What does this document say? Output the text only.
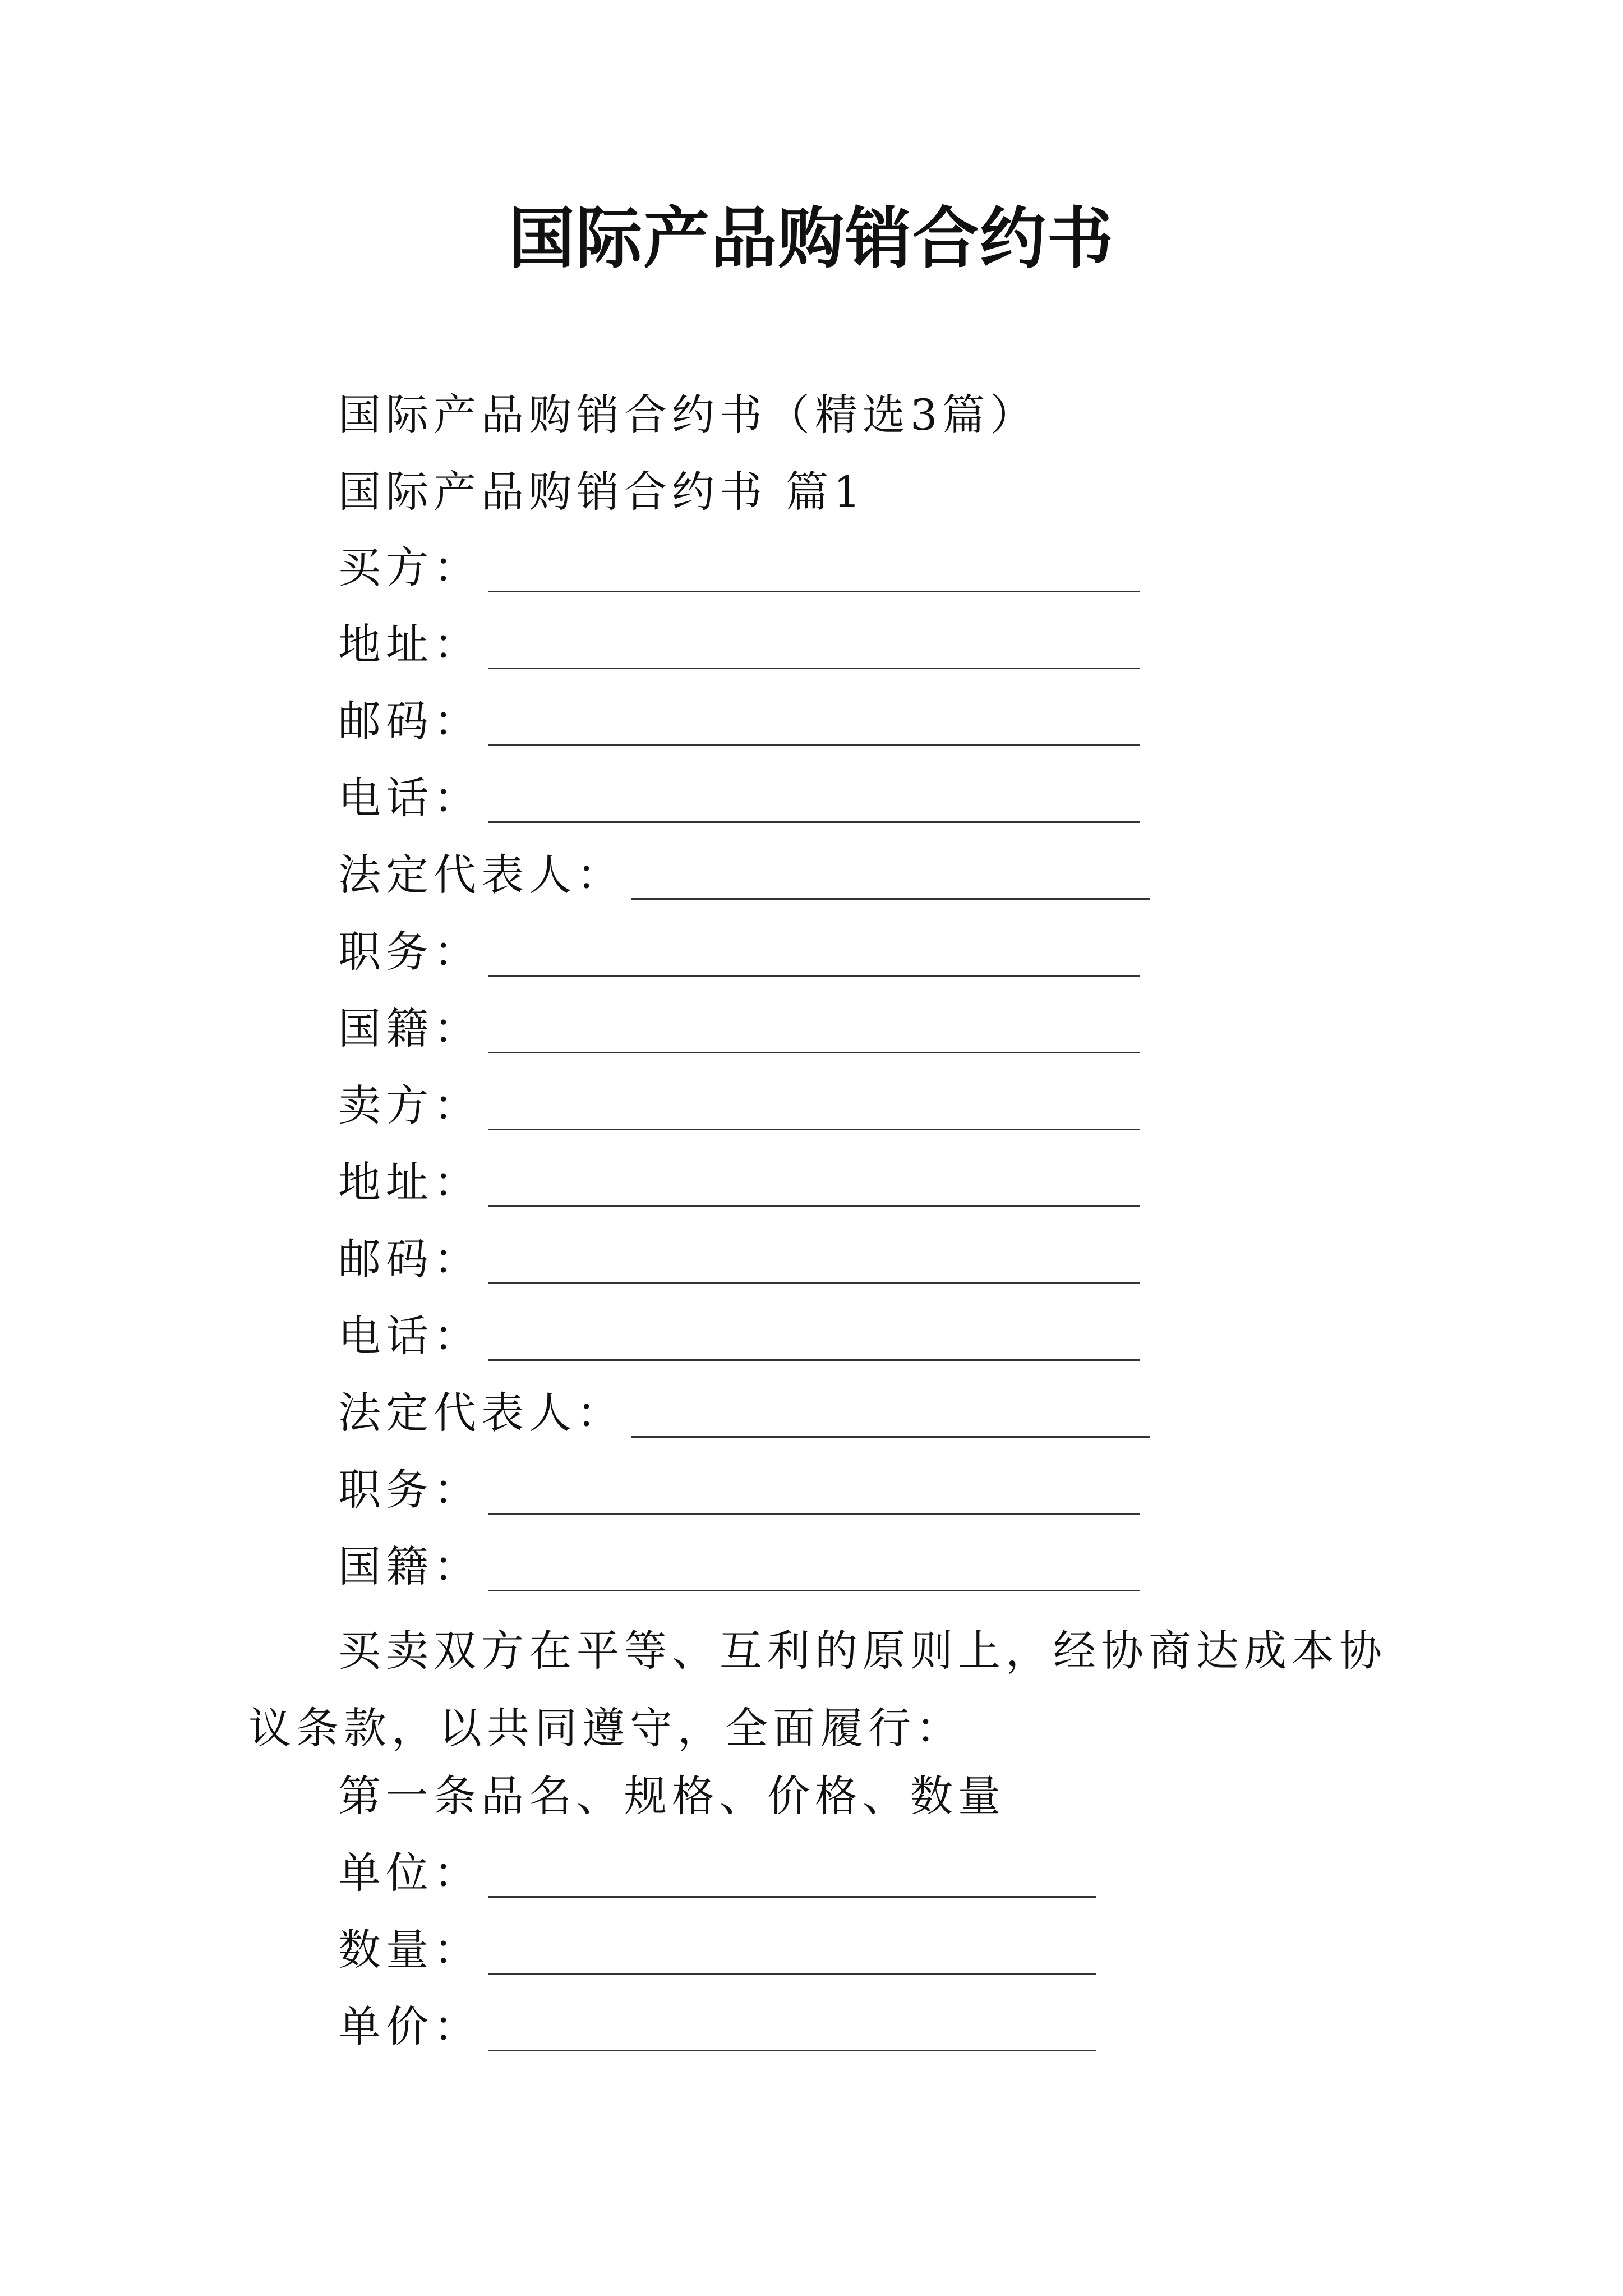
国际产品购销合约书
国际产品购销合约书（精选3篇）
国际产品购销合约书 篇1
买方：
地址：
邮码：
电话：
法定代表人：
职务：
国籍：
卖方：
地址：
邮码：
电话：
法定代表人：
职务：
国籍：
买卖双方在平等、互利的原则上，经协商达成本协议条款，以共同遵守，全面履行：
第一条品名、规格、价格、数量
单位：
数量：
单价：
